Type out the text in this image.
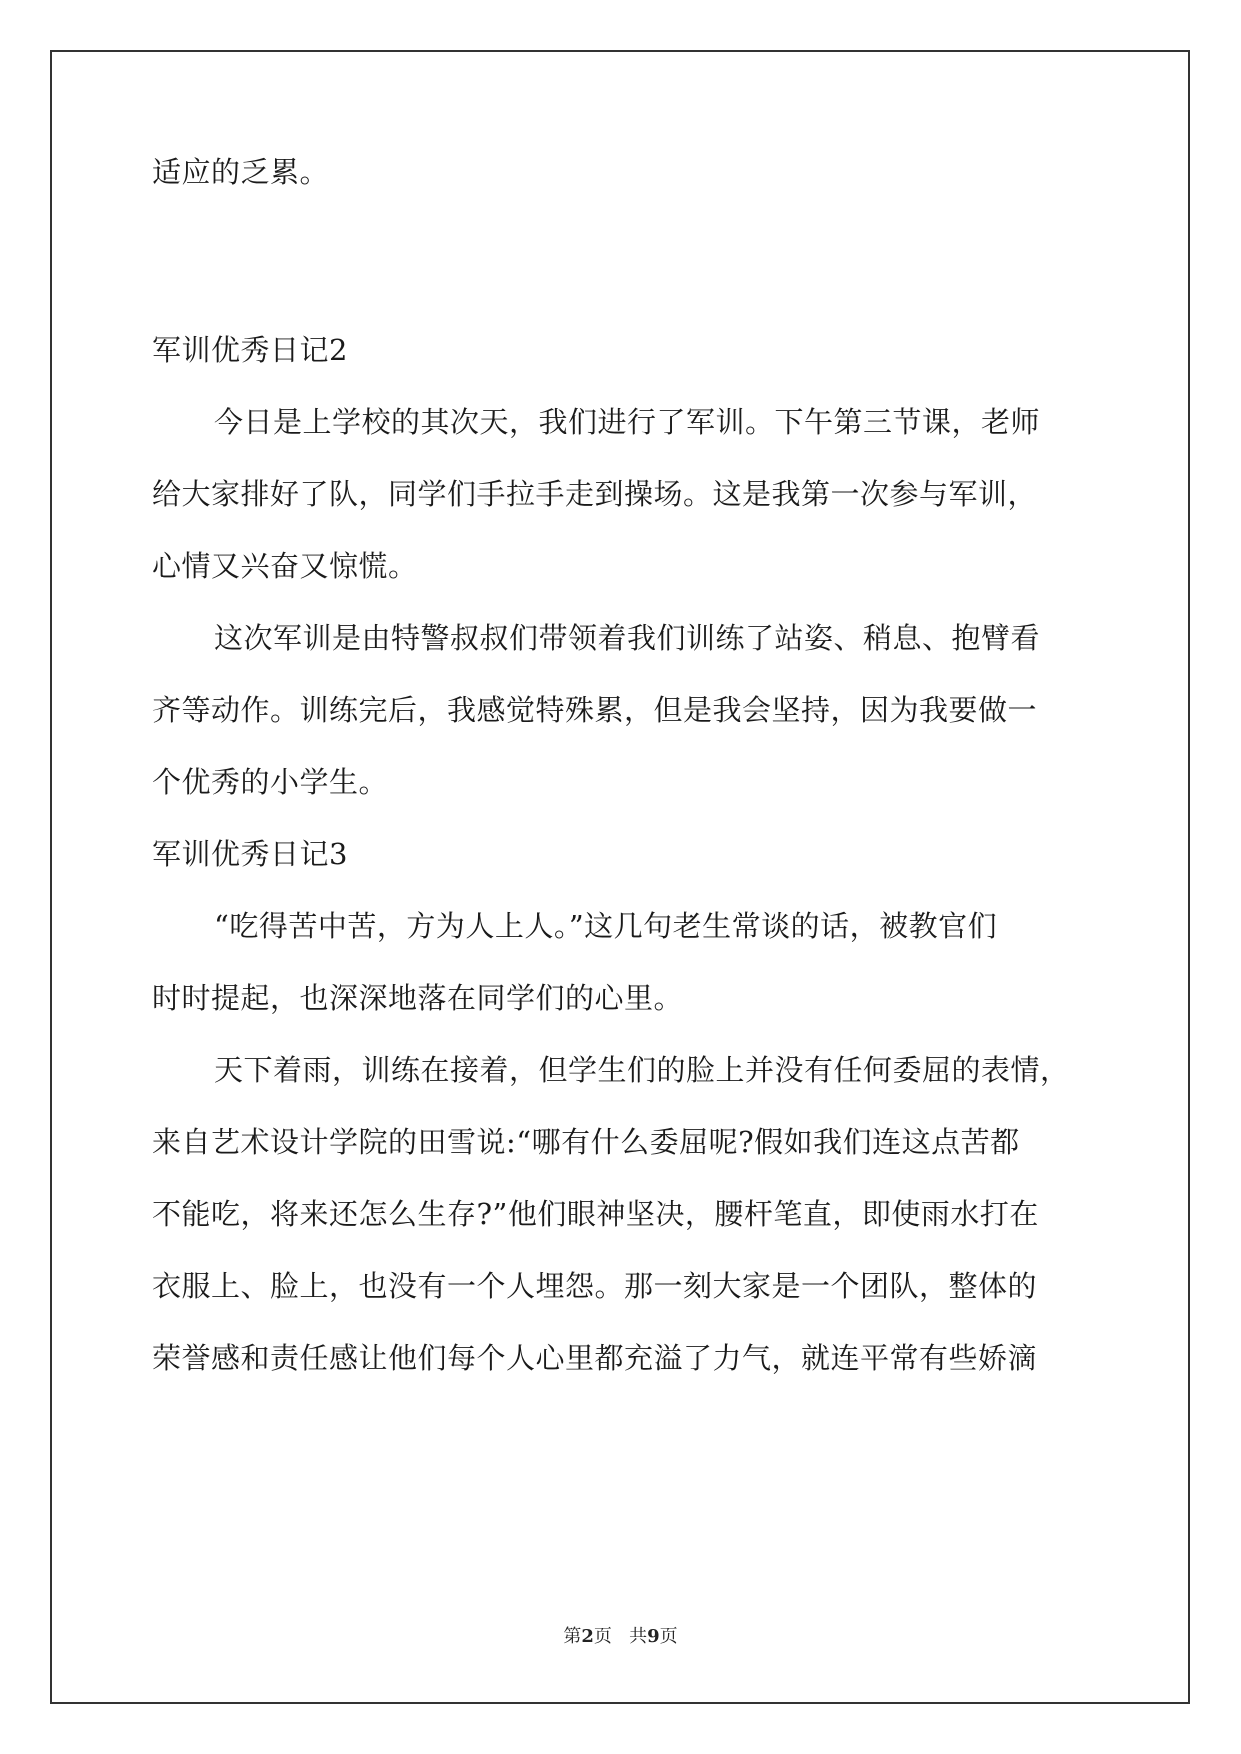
适应的乏累。
军训优秀日记2
今日是上学校的其次天，我们进行了军训。下午第三节课，老师
给大家排好了队，同学们手拉手走到操场。这是我第一次参与军训，
心情又兴奋又惊慌。
这次军训是由特警叔叔们带领着我们训练了站姿、稍息、抱臂看
齐等动作。训练完后，我感觉特殊累，但是我会坚持，因为我要做一
个优秀的小学生。
军训优秀日记3
“吃得苦中苦，方为人上人。”这几句老生常谈的话，被教官们
时时提起，也深深地落在同学们的心里。
天下着雨，训练在接着，但学生们的脸上并没有任何委屈的表情，
来自艺术设计学院的田雪说:“哪有什么委屈呢?假如我们连这点苦都
不能吃，将来还怎么生存?”他们眼神坚决，腰杆笔直，即使雨水打在
衣服上、脸上，也没有一个人埋怨。那一刻大家是一个团队，整体的
荣誉感和责任感让他们每个人心里都充溢了力气，就连平常有些娇滴
第2页 共9页
